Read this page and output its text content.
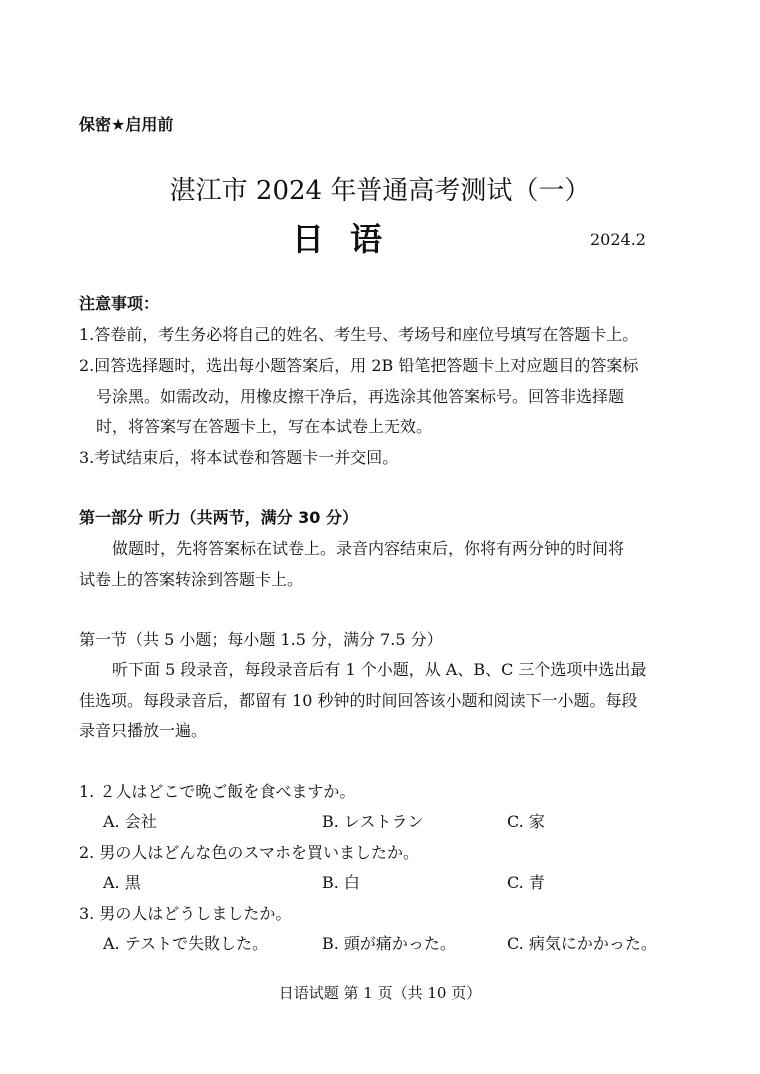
保密★启用前
湛江市 2024 年普通高考测试（一）
日语	2024.2
注意事项：
1.答卷前，考生务必将自己的姓名、考生号、考场号和座位号填写在答题卡上。
2.回答选择题时，选出每小题答案后，用 2B 铅笔把答题卡上对应题目的答案标
号涂黑。如需改动，用橡皮擦干净后，再选涂其他答案标号。回答非选择题
时，将答案写在答题卡上，写在本试卷上无效。
3.考试结束后，将本试卷和答题卡一并交回。
第一部分 听力（共两节，满分 30 分）
做题时，先将答案标在试卷上。录音内容结束后，你将有两分钟的时间将
试卷上的答案转涂到答题卡上。
第一节（共 5 小题；每小题 1.5 分，满分 7.5 分）
听下面 5 段录音，每段录音后有 1 个小题，从 A、B、C 三个选项中选出最
佳选项。每段录音后，都留有 10 秒钟的时间回答该小题和阅读下一小题。每段
录音只播放一遍。
1. ２人はどこで晩ご飯を食べますか。
A. 会社	B. レストラン	C. 家
2. 男の人はどんな色のスマホを買いましたか。
A. 黒	B. 白	C. 青
3. 男の人はどうしましたか。
A. テストで失敗した。	B. 頭が痛かった。	C. 病気にかかった。
日语试题 第 1 页（共 10 页）
